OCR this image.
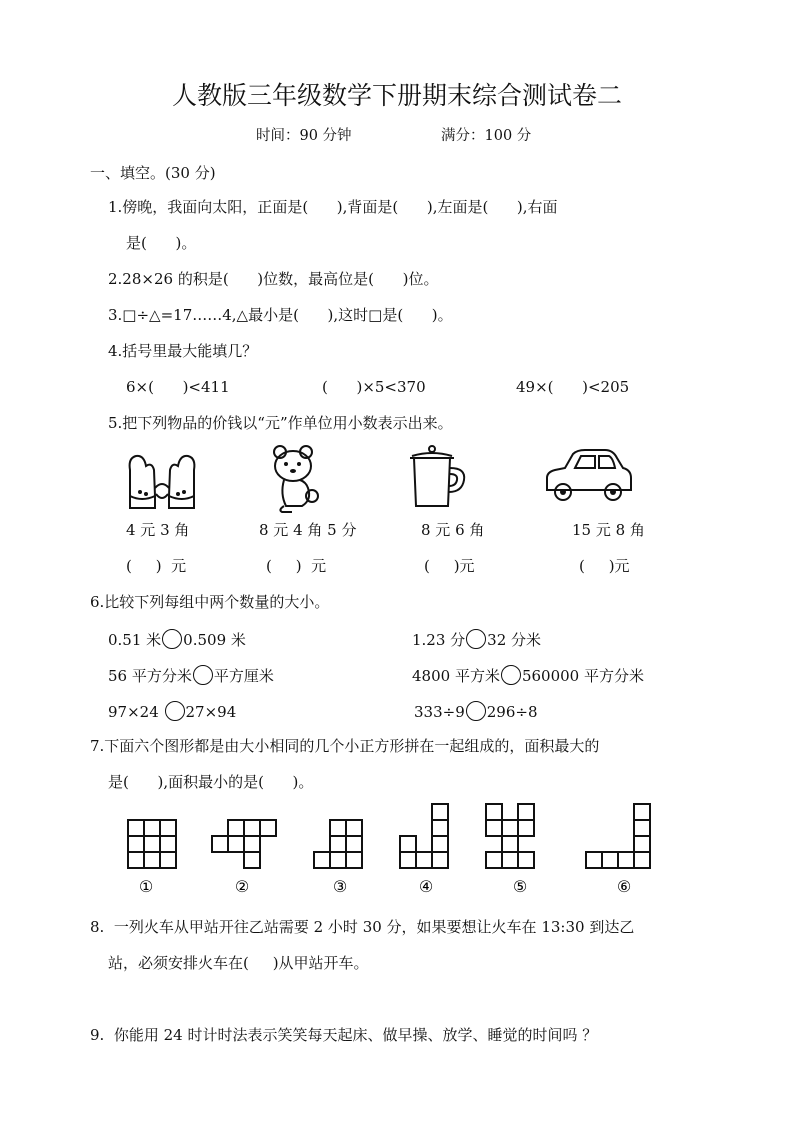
人教版三年级数学下册期末综合测试卷二
时间：90 分钟	满分：100 分
一、填空。(30 分)
1.傍晚，我面向太阳，正面是(      ),背面是(      ),左面是(      ),右面
是(      )。
2.28×26 的积是(      )位数，最高位是(      )位。
3.□÷△=17……4,△最小是(      ),这时□是(      )。
4.括号里最大能填几？
6×(      )<411	(      )×5<370	49×(      )<205
5.把下列物品的价钱以“元”作单位用小数表示出来。
4 元 3 角	8 元 4 角 5 分	8 元 6 角	15 元 8 角
(     )  元	(     )  元	(     )元	(     )元
6.比较下列每组中两个数量的大小。
0.51 米 0.509 米	1.23 分 32 分米
56 平方分米 平方厘米	4800 平方米 560000 平方分米
97×24 27×94	333÷9 296÷8
7.下面六个图形都是由大小相同的几个小正方形拼在一起组成的，面积最大的
是(      ),面积最小的是(      )。
①	②	③	④	⑤	⑥
8.  一列火车从甲站开往乙站需要 2 小时 30 分，如果要想让火车在 13:30 到达乙
站，必须安排火车在(     )从甲站开车。
9.  你能用 24 时计时法表示笑笑每天起床、做早操、放学、睡觉的时间吗 ？
